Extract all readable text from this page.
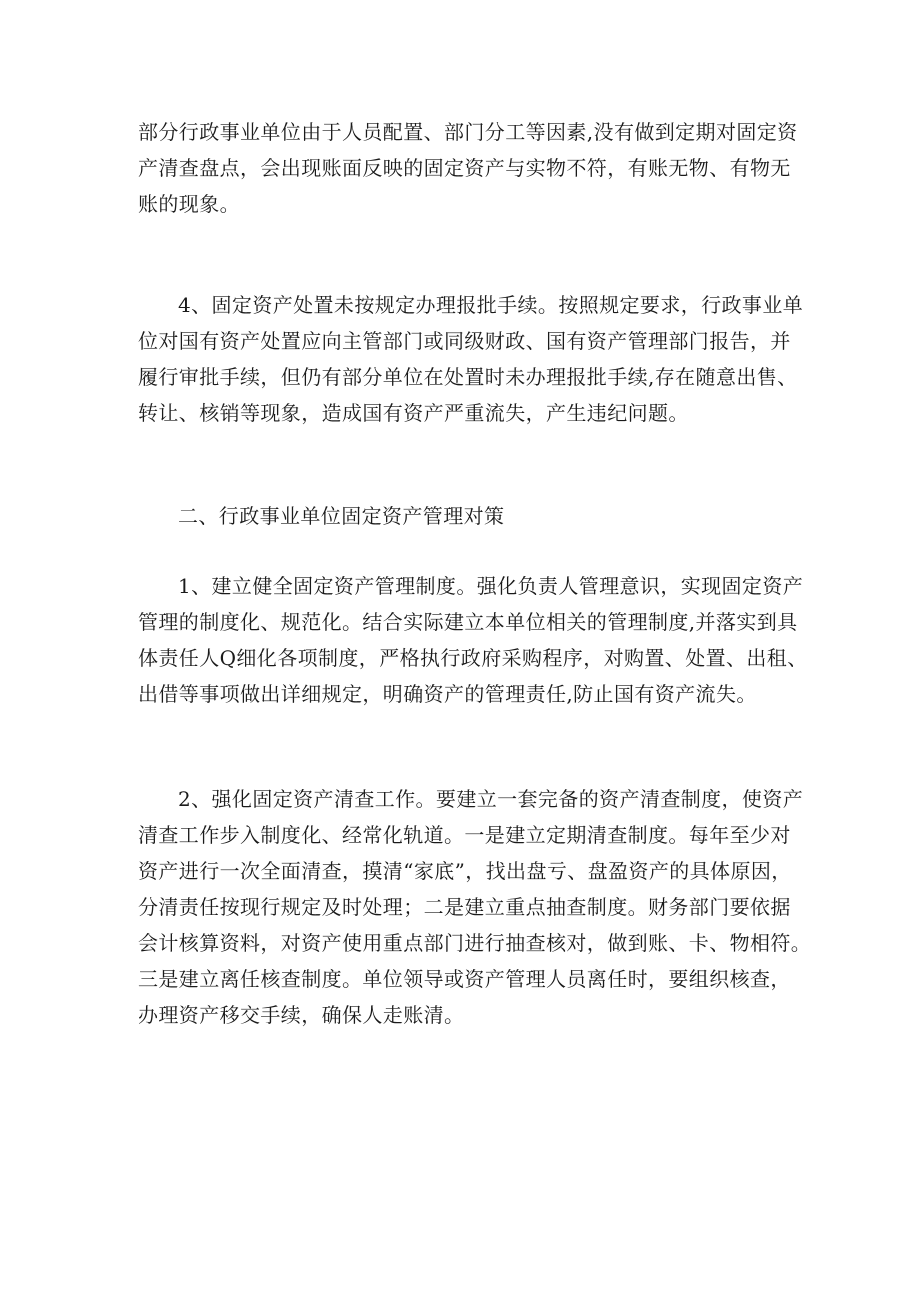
部分行政事业单位由于人员配置、部门分工等因素,没有做到定期对固定资
产清查盘点，会出现账面反映的固定资产与实物不符，有账无物、有物无
账的现象。
4、固定资产处置未按规定办理报批手续。按照规定要求，行政事业单
位对国有资产处置应向主管部门或同级财政、国有资产管理部门报告，并
履行审批手续，但仍有部分单位在处置时未办理报批手续,存在随意出售、
转让、核销等现象，造成国有资产严重流失，产生违纪问题。
二、行政事业单位固定资产管理对策
1、建立健全固定资产管理制度。强化负责人管理意识，实现固定资产
管理的制度化、规范化。结合实际建立本单位相关的管理制度,并落实到具
体责任人Q细化各项制度，严格执行政府采购程序，对购置、处置、出租、
出借等事项做出详细规定，明确资产的管理责任,防止国有资产流失。
2、强化固定资产清查工作。要建立一套完备的资产清查制度，使资产
清查工作步入制度化、经常化轨道。一是建立定期清查制度。每年至少对
资产进行一次全面清查，摸清“家底”，找出盘亏、盘盈资产的具体原因，
分清责任按现行规定及时处理；二是建立重点抽查制度。财务部门要依据
会计核算资料，对资产使用重点部门进行抽查核对，做到账、卡、物相符。
三是建立离任核查制度。单位领导或资产管理人员离任时，要组织核查，
办理资产移交手续，确保人走账清。
